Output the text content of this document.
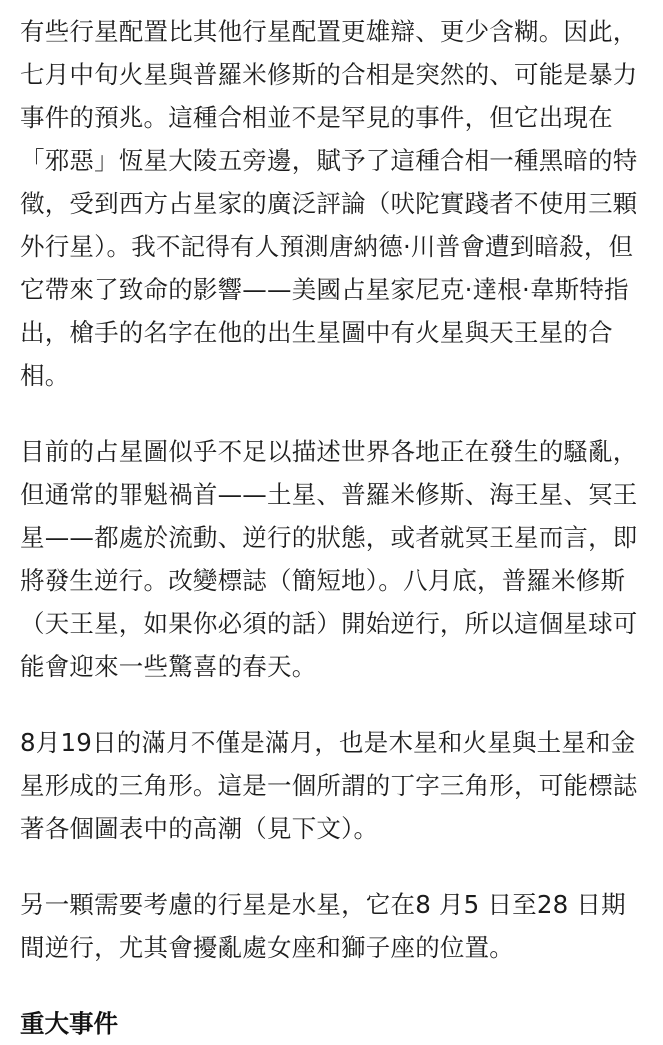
有些行星配置比其他行星配置更雄辯、更少含糊。因此，七月中旬火星與普羅米修斯的合相是突然的、可能是暴力事件的預兆。這種合相並不是罕見的事件，但它出現在「邪惡」恆星大陵五旁邊，賦予了這種合相一種黑暗的特徵，受到西方占星家的廣泛評論（吠陀實踐者不使用三顆外行星）。我不記得有人預測唐納德·川普會遭到暗殺，但它帶來了致命的影響——美國占星家尼克·達根·韋斯特指出，槍手的名字在他的出生星圖中有火星與天王星的合相。

目前的占星圖似乎不足以描述世界各地正在發生的騷亂，但通常的罪魁禍首——土星、普羅米修斯、海王星、冥王星——都處於流動、逆行的狀態，或者就冥王星而言，即將發生逆行。改變標誌（簡短地）。八月底，普羅米修斯（天王星，如果你必須的話）開始逆行，所以這個星球可能會迎來一些驚喜的春天。

8月19日的滿月不僅是滿月，也是木星和火星與土星和金星形成的三角形。這是一個所謂的丁字三角形，可能標誌著各個圖表中的高潮（見下文）。

另一顆需要考慮的行星是水星，它在8 月5 日至28 日期間逆行，尤其會擾亂處女座和獅子座的位置。

重大事件
